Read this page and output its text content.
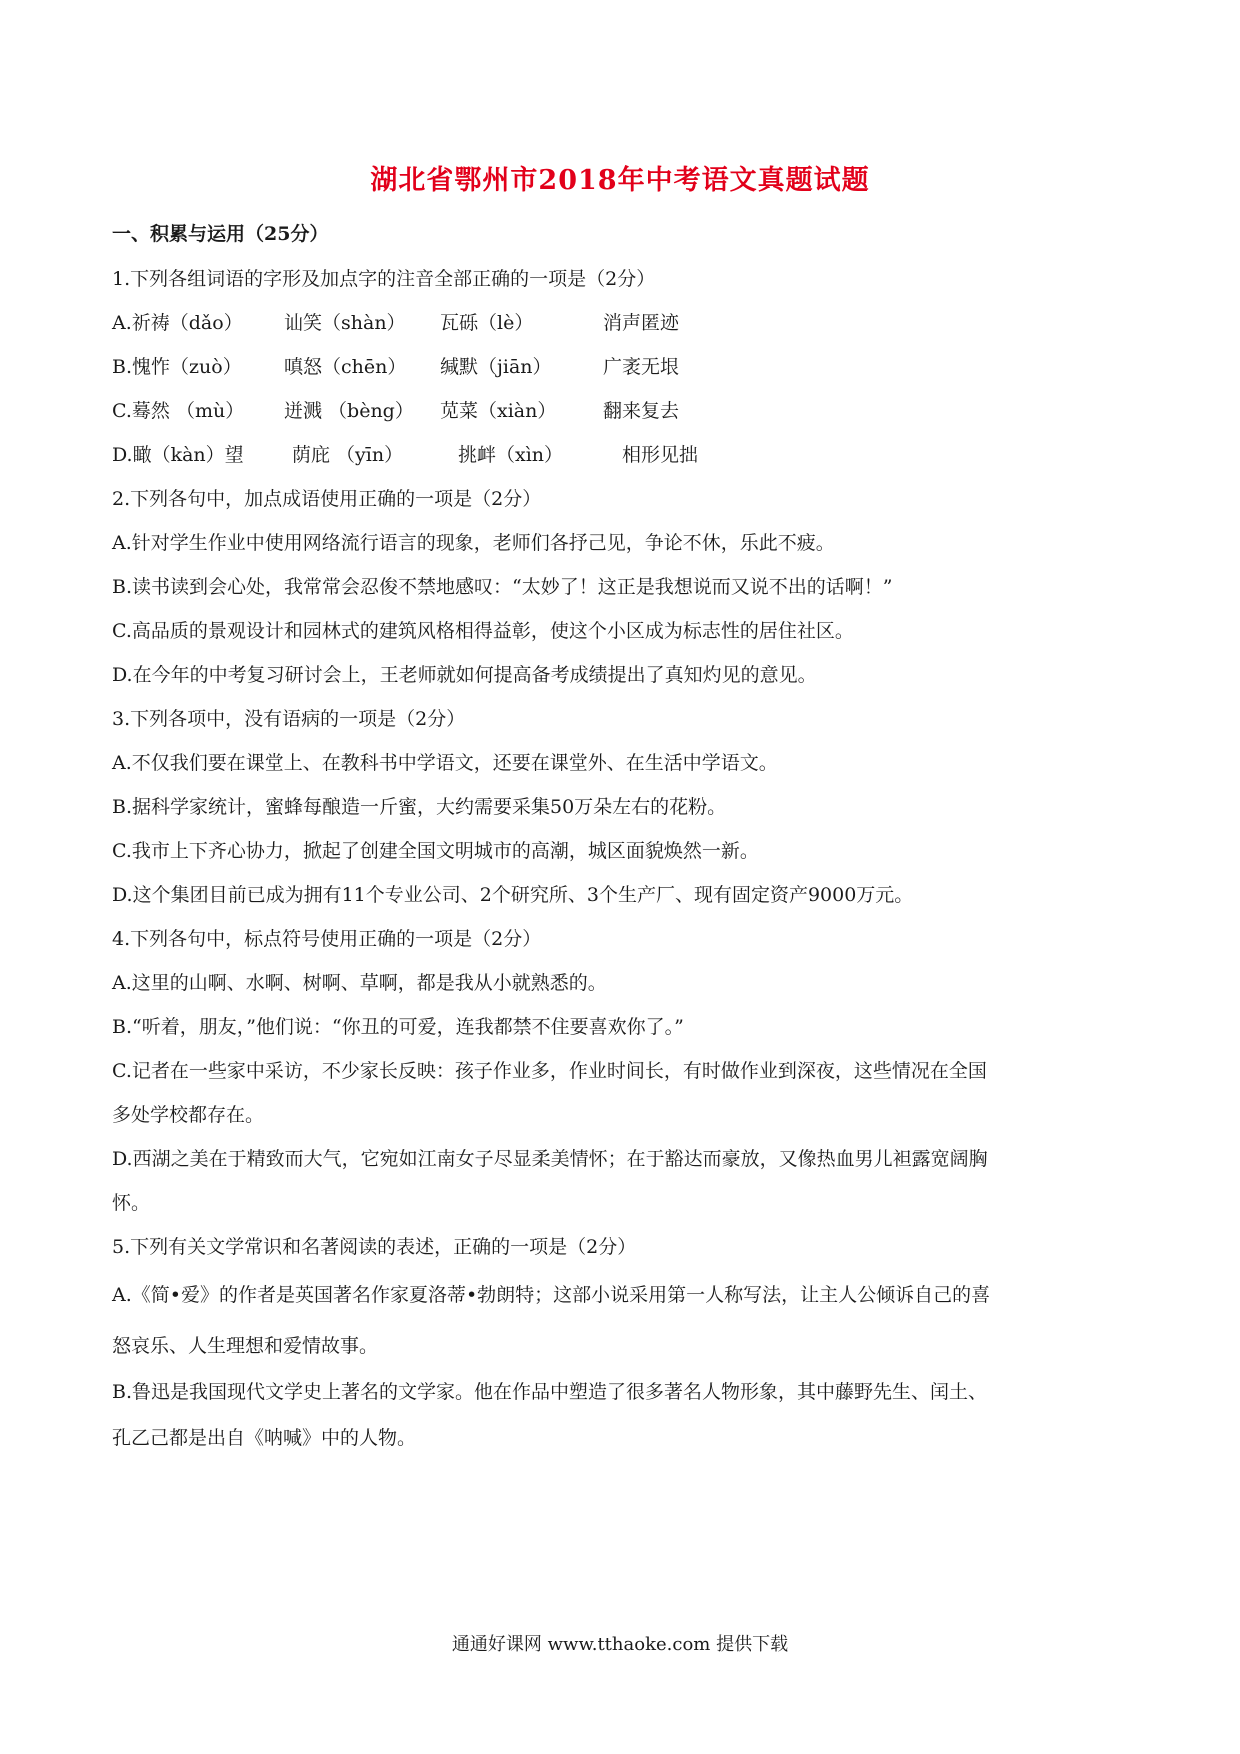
湖北省鄂州市2018年中考语文真题试题
一、积累与运用（25分）
1.下列各组词语的字形及加点字的注音全部正确的一项是（2分）
A.祈祷（dǎo）	讪笑（shàn）	瓦砾（lè）	消声匿迹
B.愧怍（zuò）	嗔怒（chēn）	缄默（jiān）	广袤无垠
C.蓦然 （mù）	迸溅 （bèng）	苋菜（xiàn）	翻来复去
D.瞰（kàn）望	荫庇 （yīn）	挑衅（xìn）	相形见拙
2.下列各句中，加点成语使用正确的一项是（2分）
A.针对学生作业中使用网络流行语言的现象，老师们各抒己见，争论不休，乐此不疲。
B.读书读到会心处，我常常会忍俊不禁地感叹：“太妙了！这正是我想说而又说不出的话啊！”
C.高品质的景观设计和园林式的建筑风格相得益彰，使这个小区成为标志性的居住社区。
D.在今年的中考复习研讨会上，王老师就如何提高备考成绩提出了真知灼见的意见。
3.下列各项中，没有语病的一项是（2分）
A.不仅我们要在课堂上、在教科书中学语文，还要在课堂外、在生活中学语文。
B.据科学家统计，蜜蜂每酿造一斤蜜，大约需要采集50万朵左右的花粉。
C.我市上下齐心协力，掀起了创建全国文明城市的高潮，城区面貌焕然一新。
D.这个集团目前已成为拥有11个专业公司、2个研究所、3个生产厂、现有固定资产9000万元。
4.下列各句中，标点符号使用正确的一项是（2分）
A.这里的山啊、水啊、树啊、草啊，都是我从小就熟悉的。
B.“听着，朋友，”他们说：“你丑的可爱，连我都禁不住要喜欢你了。”
C.记者在一些家中采访，不少家长反映：孩子作业多，作业时间长，有时做作业到深夜，这些情况在全国
多处学校都存在。
D.西湖之美在于精致而大气，它宛如江南女子尽显柔美情怀；在于豁达而豪放，又像热血男儿袒露宽阔胸
怀。
5.下列有关文学常识和名著阅读的表述，正确的一项是（2分）
A.《简•爱》的作者是英国著名作家夏洛蒂•勃朗特；这部小说采用第一人称写法，让主人公倾诉自己的喜
怒哀乐、人生理想和爱情故事。
B.鲁迅是我国现代文学史上著名的文学家。他在作品中塑造了很多著名人物形象，其中藤野先生、闰土、
孔乙己都是出自《呐喊》中的人物。
通通好课网 www.tthaoke.com 提供下载
